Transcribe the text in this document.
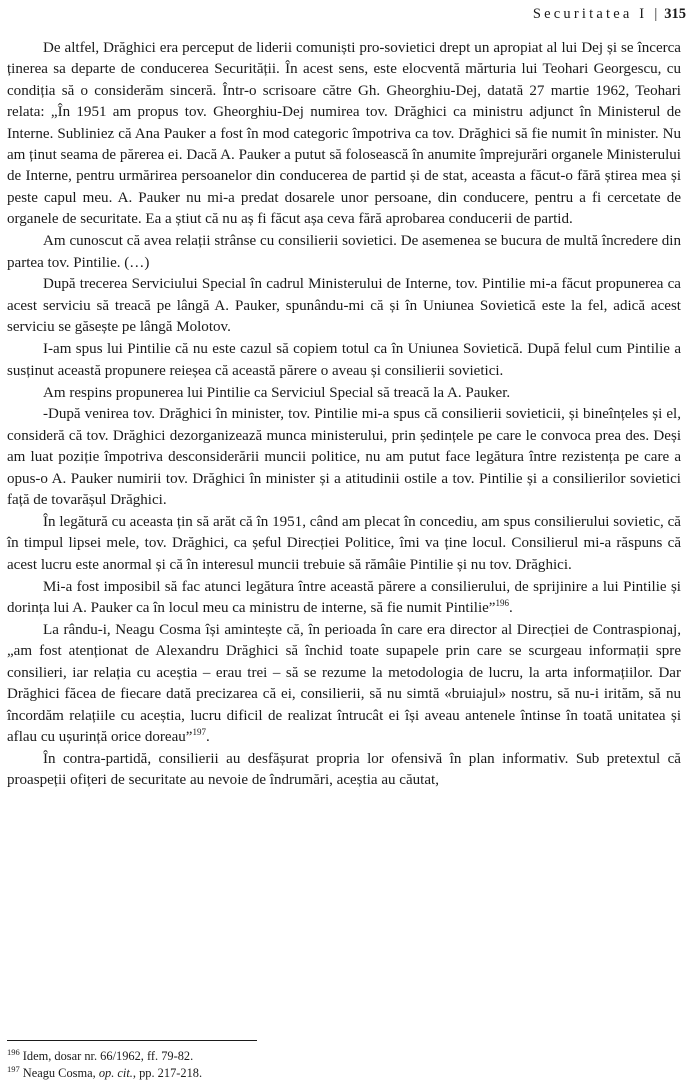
Securitatea I | 315

De altfel, Drăghici era perceput de liderii comuniști pro-sovietici drept un apropiat al lui Dej și se încerca ținerea sa departe de conducerea Securității. În acest sens, este elocventă mărturia lui Teohari Georgescu, cu condiția să o considerăm sinceră. Într-o scrisoare către Gh. Gheorghiu-Dej, datată 27 martie 1962, Teohari relata: „În 1951 am propus tov. Gheorghiu-Dej numirea tov. Drăghici ca ministru adjunct în Ministerul de Interne. Subliniez că Ana Pauker a fost în mod categoric împotriva ca tov. Drăghici să fie numit în minister. Nu am ținut seama de părerea ei. Dacă A. Pauker a putut să folosească în anumite împrejurări organele Ministerului de Interne, pentru urmărirea persoanelor din conducerea de partid și de stat, aceasta a făcut-o fără știrea mea și peste capul meu. A. Pauker nu mi-a predat dosarele unor persoane, din conducere, pentru a fi cercetate de organele de securitate. Ea a știut că nu aș fi făcut așa ceva fără aprobarea conducerii de partid.

Am cunoscut că avea relații strânse cu consilierii sovietici. De asemenea se bucura de multă încredere din partea tov. Pintilie. (…)

După trecerea Serviciului Special în cadrul Ministerului de Interne, tov. Pintilie mi-a făcut propunerea ca acest serviciu să treacă pe lângă A. Pauker, spunându-mi că și în Uniunea Sovietică este la fel, adică acest serviciu se găsește pe lângă Molotov.

I-am spus lui Pintilie că nu este cazul să copiem totul ca în Uniunea Sovietică. După felul cum Pintilie a susținut această propunere reieșea că această părere o aveau și consilierii sovietici.

Am respins propunerea lui Pintilie ca Serviciul Special să treacă la A. Pauker.

-După venirea tov. Drăghici în minister, tov. Pintilie mi-a spus că consilierii sovieticii, și bineînțeles și el, consideră că tov. Drăghici dezorganizează munca ministerului, prin ședințele pe care le convoca prea des. Deși am luat poziție împotriva desconsiderării muncii politice, nu am putut face legătura între rezistența pe care a opus-o A. Pauker numirii tov. Drăghici în minister și a atitudinii ostile a tov. Pintilie și a consilierilor sovietici față de tovarășul Drăghici.

În legătură cu aceasta țin să arăt că în 1951, când am plecat în concediu, am spus consilierului sovietic, că în timpul lipsei mele, tov. Drăghici, ca șeful Direcției Politice, îmi va ține locul. Consilierul mi-a răspuns că acest lucru este anormal și că în interesul muncii trebuie să rămâie Pintilie și nu tov. Drăghici.

Mi-a fost imposibil să fac atunci legătura între această părere a consilierului, de sprijinire a lui Pintilie și dorința lui A. Pauker ca în locul meu ca ministru de interne, să fie numit Pintilie”$^{196}$.

La rându-i, Neagu Cosma își amintește că, în perioada în care era director al Direcției de Contraspionaj, „am fost atenționat de Alexandru Drăghici să închid toate supapele prin care se scurgeau informații spre consilieri, iar relația cu aceștia – erau trei – să se rezume la metodologia de lucru, la arta informațiilor. Dar Drăghici făcea de fiecare dată precizarea că ei, consilierii, să nu simtă «bruiajul» nostru, să nu-i irităm, să nu încordăm relațiile cu aceștia, lucru dificil de realizat întrucât ei își aveau antenele întinse în toată unitatea și aflau cu ușurință orice doreau”$^{197}$.

În contra-partidă, consilierii au desfășurat propria lor ofensivă în plan informativ. Sub pretextul că proaspeții ofițeri de securitate au nevoie de îndrumări, aceștia au căutat,

$^{196}$ Idem, dosar nr. 66/1962, ff. 79-82.
$^{197}$ Neagu Cosma, op. cit., pp. 217-218.
